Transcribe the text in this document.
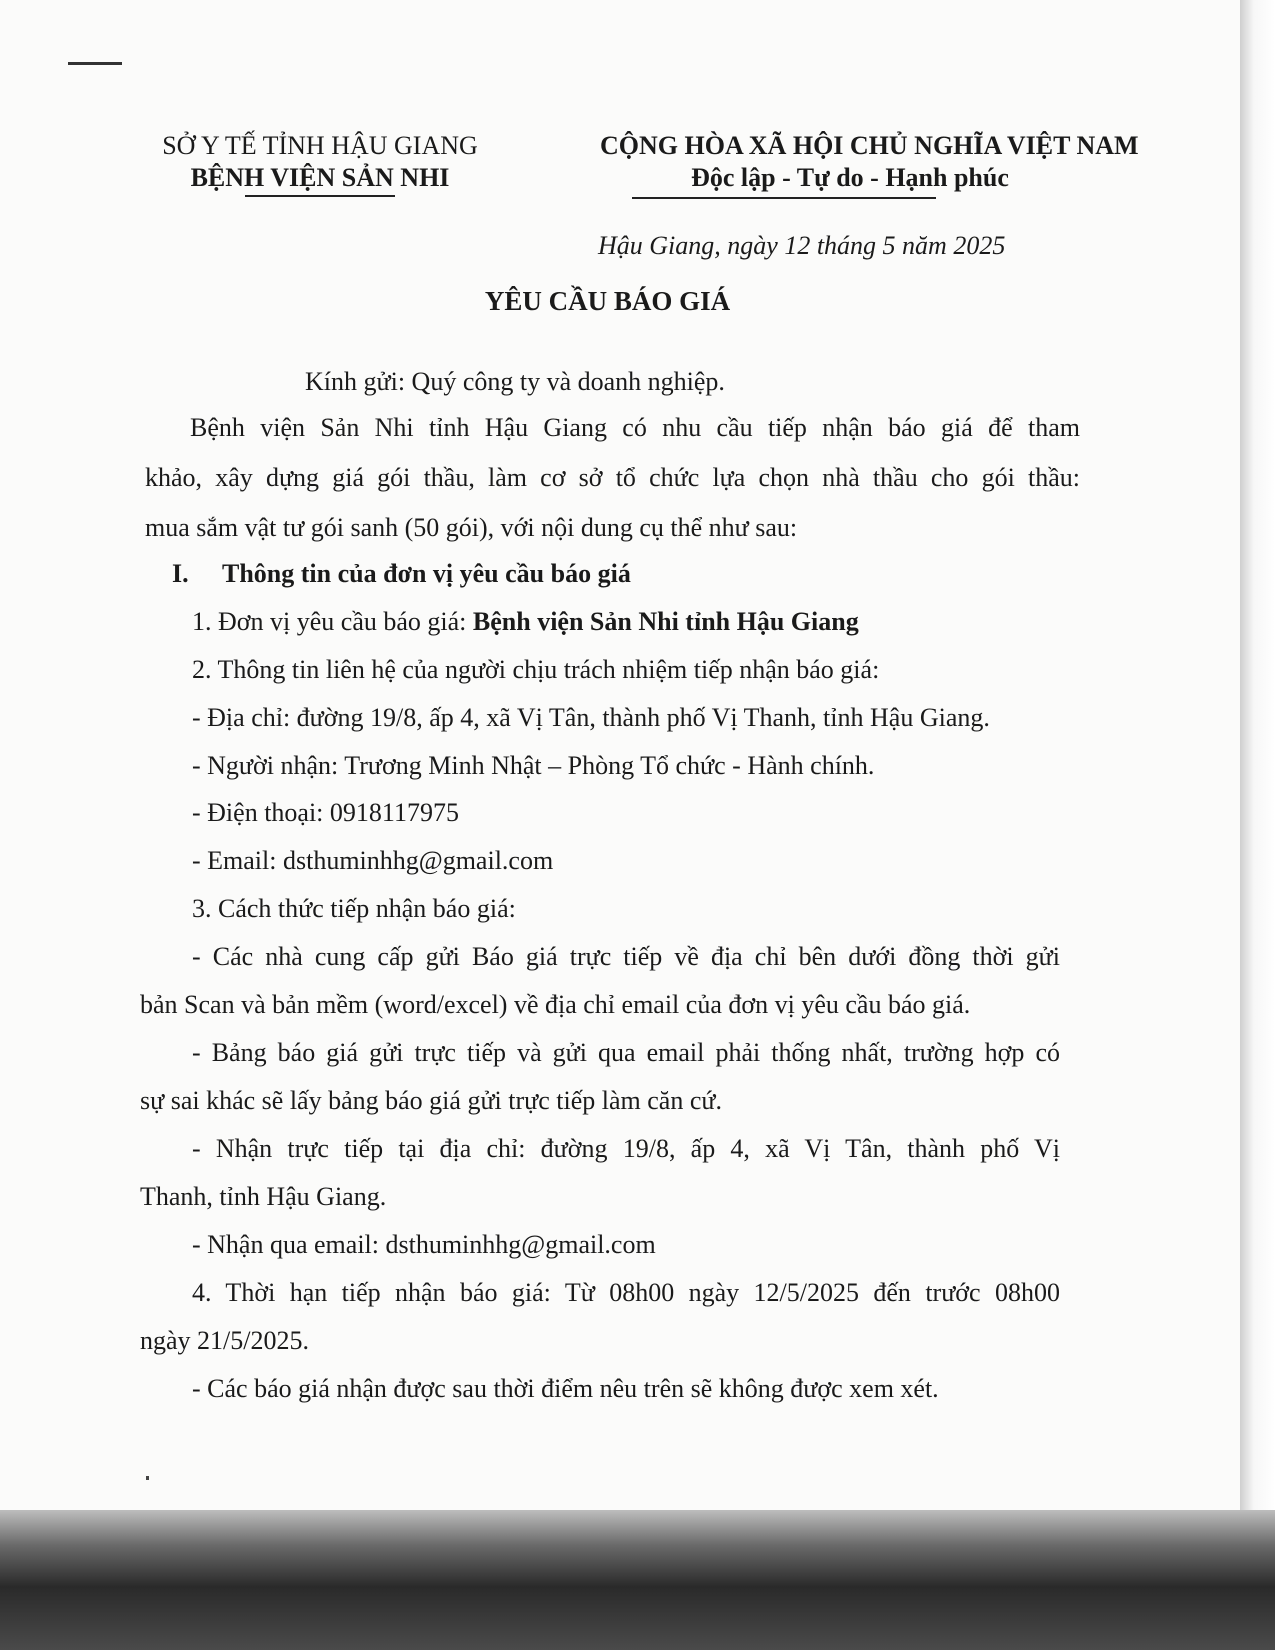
SỞ Y TẾ TỈNH HẬU GIANG
BỆNH VIỆN SẢN NHI
CỘNG HÒA XÃ HỘI CHỦ NGHĨA VIỆT NAM
Độc lập - Tự do - Hạnh phúc
Hậu Giang, ngày 12 tháng 5 năm 2025
YÊU CẦU BÁO GIÁ
Kính gửi: Quý công ty và doanh nghiệp.
Bệnh viện Sản Nhi tỉnh Hậu Giang có nhu cầu tiếp nhận báo giá để tham
khảo, xây dựng giá gói thầu, làm cơ sở tổ chức lựa chọn nhà thầu cho gói thầu:
mua sắm vật tư gói sanh (50 gói), với nội dung cụ thể như sau:
I. Thông tin của đơn vị yêu cầu báo giá
1. Đơn vị yêu cầu báo giá: Bệnh viện Sản Nhi tỉnh Hậu Giang
2. Thông tin liên hệ của người chịu trách nhiệm tiếp nhận báo giá:
- Địa chỉ: đường 19/8, ấp 4, xã Vị Tân, thành phố Vị Thanh, tỉnh Hậu Giang.
- Người nhận: Trương Minh Nhật – Phòng Tổ chức - Hành chính.
- Điện thoại: 0918117975
- Email: dsthuminhhg@gmail.com
3. Cách thức tiếp nhận báo giá:
- Các nhà cung cấp gửi Báo giá trực tiếp về địa chỉ bên dưới đồng thời gửi
bản Scan và bản mềm (word/excel) về địa chỉ email của đơn vị yêu cầu báo giá.
- Bảng báo giá gửi trực tiếp và gửi qua email phải thống nhất, trường hợp có
sự sai khác sẽ lấy bảng báo giá gửi trực tiếp làm căn cứ.
- Nhận trực tiếp tại địa chỉ: đường 19/8, ấp 4, xã Vị Tân, thành phố Vị
Thanh, tỉnh Hậu Giang.
- Nhận qua email: dsthuminhhg@gmail.com
4. Thời hạn tiếp nhận báo giá: Từ 08h00 ngày 12/5/2025 đến trước 08h00
ngày 21/5/2025.
- Các báo giá nhận được sau thời điểm nêu trên sẽ không được xem xét.
